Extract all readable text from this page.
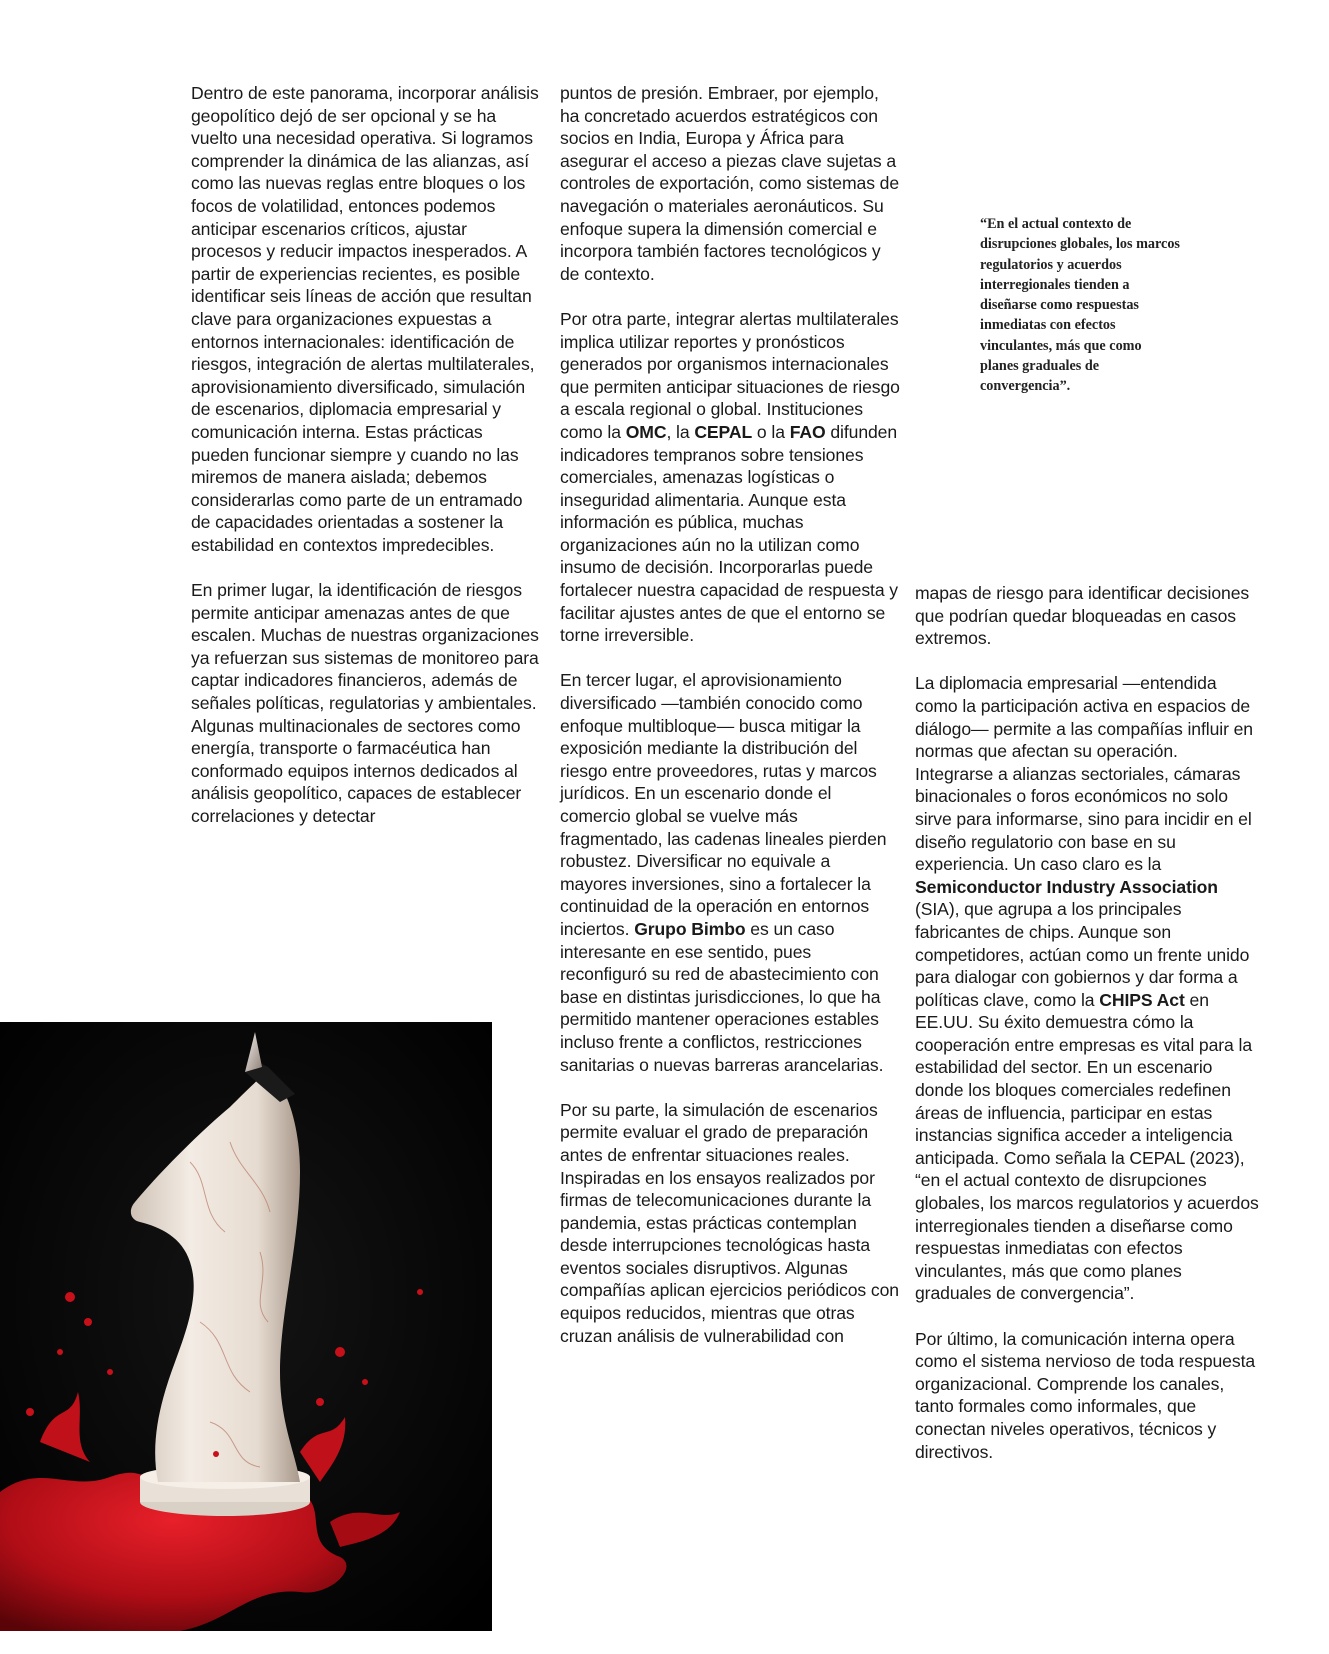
Dentro de este panorama, incorporar análisis geopolítico dejó de ser opcional y se ha vuelto una necesidad operativa. Si logramos comprender la dinámica de las alianzas, así como las nuevas reglas entre bloques o los focos de volatilidad, entonces podemos anticipar escenarios críticos, ajustar procesos y reducir impactos inesperados. A partir de experiencias recientes, es posible identificar seis líneas de acción que resultan clave para organizaciones expuestas a entornos internacionales: identificación de riesgos, integración de alertas multilaterales, aprovisionamiento diversificado, simulación de escenarios, diplomacia empresarial y comunicación interna. Estas prácticas pueden funcionar siempre y cuando no las miremos de manera aislada; debemos considerarlas como parte de un entramado de capacidades orientadas a sostener la estabilidad en contextos impredecibles.

En primer lugar, la identificación de riesgos permite anticipar amenazas antes de que escalen. Muchas de nuestras organizaciones ya refuerzan sus sistemas de monitoreo para captar indicadores financieros, además de señales políticas, regulatorias y ambientales. Algunas multinacionales de sectores como energía, transporte o farmacéutica han conformado equipos internos dedicados al análisis geopolítico, capaces de establecer correlaciones y detectar

puntos de presión. Embraer, por ejemplo, ha concretado acuerdos estratégicos con socios en India, Europa y África para asegurar el acceso a piezas clave sujetas a controles de exportación, como sistemas de navegación o materiales aeronáuticos. Su enfoque supera la dimensión comercial e incorpora también factores tecnológicos y de contexto.

Por otra parte, integrar alertas multilaterales implica utilizar reportes y pronósticos generados por organismos internacionales que permiten anticipar situaciones de riesgo a escala regional o global. Instituciones como la OMC, la CEPAL o la FAO difunden indicadores tempranos sobre tensiones comerciales, amenazas logísticas o inseguridad alimentaria. Aunque esta información es pública, muchas organizaciones aún no la utilizan como insumo de decisión. Incorporarlas puede fortalecer nuestra capacidad de respuesta y facilitar ajustes antes de que el entorno se torne irreversible.

En tercer lugar, el aprovisionamiento diversificado —también conocido como enfoque multibloque— busca mitigar la exposición mediante la distribución del riesgo entre proveedores, rutas y marcos jurídicos. En un escenario donde el comercio global se vuelve más fragmentado, las cadenas lineales pierden robustez. Diversificar no equivale a mayores inversiones, sino a fortalecer la continuidad de la operación en entornos inciertos. Grupo Bimbo es un caso interesante en ese sentido, pues reconfiguró su red de abastecimiento con base en distintas jurisdicciones, lo que ha permitido mantener operaciones estables incluso frente a conflictos, restricciones sanitarias o nuevas barreras arancelarias.

Por su parte, la simulación de escenarios permite evaluar el grado de preparación antes de enfrentar situaciones reales. Inspiradas en los ensayos realizados por firmas de telecomunicaciones durante la pandemia, estas prácticas contemplan desde interrupciones tecnológicas hasta eventos sociales disruptivos. Algunas compañías aplican ejercicios periódicos con equipos reducidos, mientras que otras cruzan análisis de vulnerabilidad con

“En el actual contexto de disrupciones globales, los marcos regulatorios y acuerdos interregionales tienden a diseñarse como respuestas inmediatas con efectos vinculantes, más que como planes graduales de convergencia”.

mapas de riesgo para identificar decisiones que podrían quedar bloqueadas en casos extremos.

La diplomacia empresarial —entendida como la participación activa en espacios de diálogo— permite a las compañías influir en normas que afectan su operación. Integrarse a alianzas sectoriales, cámaras binacionales o foros económicos no solo sirve para informarse, sino para incidir en el diseño regulatorio con base en su experiencia. Un caso claro es la Semiconductor Industry Association (SIA), que agrupa a los principales fabricantes de chips. Aunque son competidores, actúan como un frente unido para dialogar con gobiernos y dar forma a políticas clave, como la CHIPS Act en EE.UU. Su éxito demuestra cómo la cooperación entre empresas es vital para la estabilidad del sector. En un escenario donde los bloques comerciales redefinen áreas de influencia, participar en estas instancias significa acceder a inteligencia anticipada. Como señala la CEPAL (2023), “en el actual contexto de disrupciones globales, los marcos regulatorios y acuerdos interregionales tienden a diseñarse como respuestas inmediatas con efectos vinculantes, más que como planes graduales de convergencia”.

Por último, la comunicación interna opera como el sistema nervioso de toda respuesta organizacional. Comprende los canales, tanto formales como informales, que conectan niveles operativos, técnicos y directivos.
